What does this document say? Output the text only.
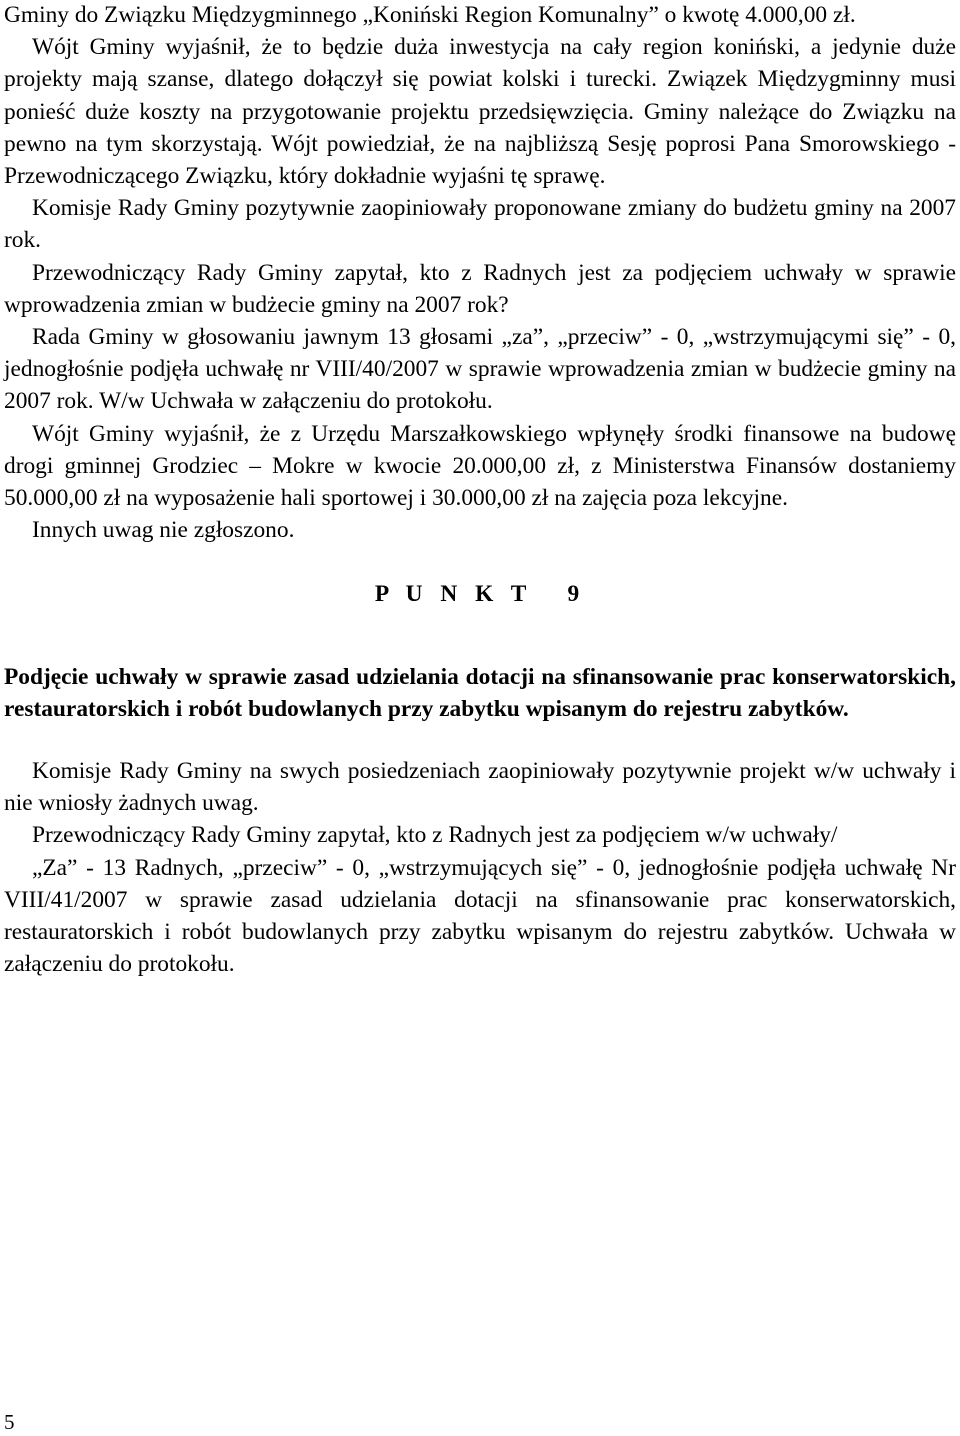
Gminy do Związku Międzygminnego „Koniński Region Komunalny” o kwotę 4.000,00 zł.

Wójt Gminy wyjaśnił, że to będzie duża inwestycja na cały region koniński, a jedynie duże projekty mają szanse, dlatego dołączył się powiat kolski i turecki. Związek Międzygminny musi ponieść duże koszty na przygotowanie projektu przedsięwzięcia. Gminy należące do Związku na pewno na tym skorzystają. Wójt powiedział, że na najbliższą Sesję poprosi Pana Smorowskiego - Przewodniczącego Związku, który dokładnie wyjaśni tę sprawę.

Komisje Rady Gminy pozytywnie zaopiniowały proponowane zmiany do budżetu gminy na 2007 rok.

Przewodniczący Rady Gminy zapytał, kto z Radnych jest za podjęciem uchwały w sprawie wprowadzenia zmian w budżecie gminy na 2007 rok?

Rada Gminy w głosowaniu jawnym 13 głosami „za”, „przeciw” - 0, „wstrzymującymi się” - 0, jednogłośnie podjęła uchwałę nr VIII/40/2007 w sprawie wprowadzenia zmian w budżecie gminy na 2007 rok. W/w Uchwała w załączeniu do protokołu.

Wójt Gminy wyjaśnił, że z Urzędu Marszałkowskiego wpłynęły środki finansowe na budowę drogi gminnej Grodziec – Mokre w kwocie 20.000,00 zł, z Ministerstwa Finansów dostaniemy 50.000,00 zł na wyposażenie hali sportowej i 30.000,00 zł na zajęcia poza lekcyjne.

Innych uwag nie zgłoszono.

P U N K T   9

Podjęcie uchwały w sprawie zasad udzielania dotacji na sfinansowanie prac konserwatorskich, restauratorskich i robót budowlanych przy zabytku wpisanym do rejestru zabytków.

Komisje Rady Gminy na swych posiedzeniach zaopiniowały pozytywnie projekt w/w uchwały i nie wniosły żadnych uwag.

Przewodniczący Rady Gminy zapytał, kto z Radnych jest za podjęciem w/w uchwały/

„Za” - 13 Radnych, „przeciw” - 0, „wstrzymujących się” - 0, jednogłośnie podjęła uchwałę Nr VIII/41/2007 w sprawie zasad udzielania dotacji na sfinansowanie prac konserwatorskich, restauratorskich i robót budowlanych przy zabytku wpisanym do rejestru zabytków. Uchwała w załączeniu do protokołu.

5
